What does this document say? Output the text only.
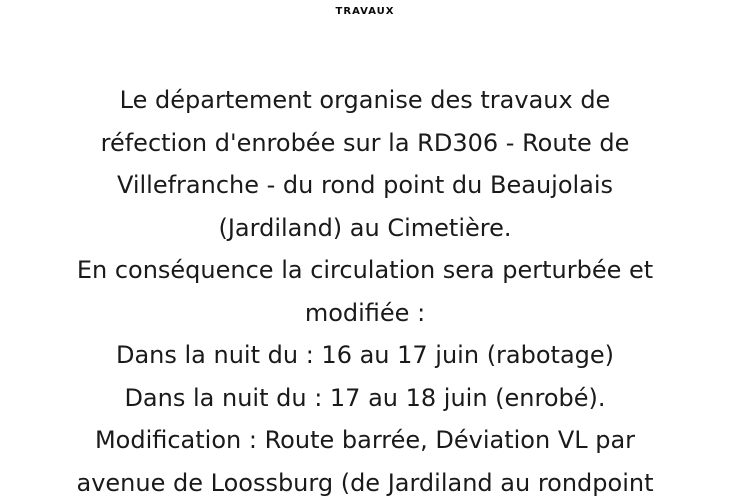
TRAVAUX
Le département organise des travaux de
réfection d'enrobée sur la RD306 - Route de
Villefranche - du rond point du Beaujolais
(Jardiland) au Cimetière.
En conséquence la circulation sera perturbée et
modifiée :
Dans la nuit du : 16 au 17 juin (rabotage)
Dans la nuit du : 17 au 18 juin (enrobé).
Modification : Route barrée, Déviation VL par
avenue de Loossburg (de Jardiland au rondpoint
